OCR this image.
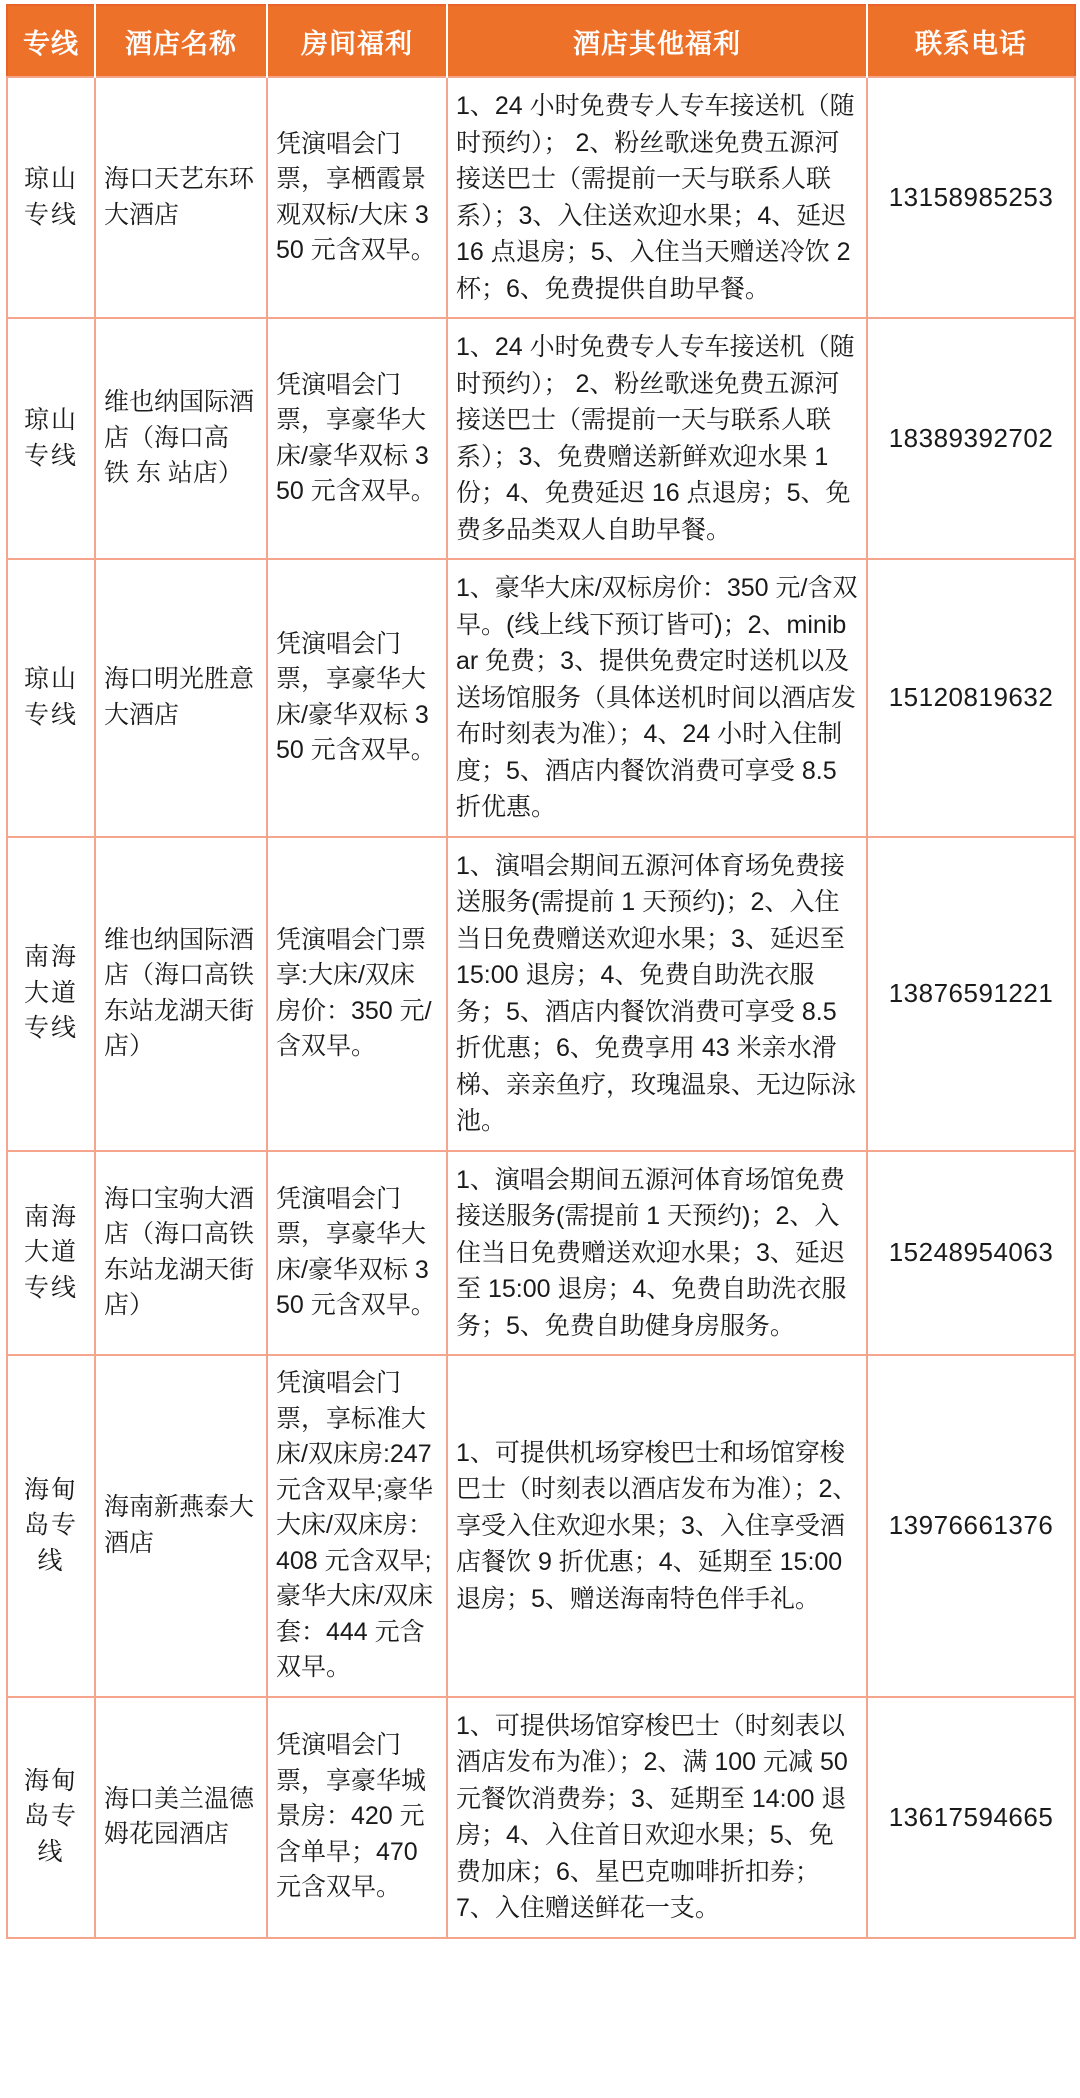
专线	酒店名称	房间福利	酒店其他福利	联系电话
琼山专线	海口天艺东环大酒店	凭演唱会门票，享栖霞景观双标/大床 350 元含双早。	1、24 小时免费专人专车接送机（随时预约）； 2、粉丝歌迷免费五源河接送巴士（需提前一天与联系人联系）；3、入住送欢迎水果；4、延迟 16 点退房；5、入住当天赠送冷饮 2 杯；6、免费提供自助早餐。	13158985253
琼山专线	维也纳国际酒店（海口高 铁 东 站店）	凭演唱会门票，享豪华大床/豪华双标 350 元含双早。	1、24 小时免费专人专车接送机（随时预约）； 2、粉丝歌迷免费五源河接送巴士（需提前一天与联系人联系）；3、免费赠送新鲜欢迎水果 1 份；4、免费延迟 16 点退房；5、免费多品类双人自助早餐。	18389392702
琼山专线	海口明光胜意大酒店	凭演唱会门票，享豪华大床/豪华双标 350 元含双早。	1、豪华大床/双标房价：350 元/含双早。(线上线下预订皆可)；2、minibar 免费；3、提供免费定时送机以及送场馆服务（具体送机时间以酒店发布时刻表为准）；4、24 小时入住制度；5、酒店内餐饮消费可享受 8.5 折优惠。	15120819632
南海大道专线	维也纳国际酒店（海口高铁东站龙湖天街店）	凭演唱会门票享:大床/双床房价：350 元/含双早。	1、演唱会期间五源河体育场免费接送服务(需提前 1 天预约)；2、入住当日免费赠送欢迎水果；3、延迟至 15:00 退房；4、免费自助洗衣服务；5、酒店内餐饮消费可享受 8.5 折优惠；6、免费享用 43 米亲水滑梯、亲亲鱼疗，玫瑰温泉、无边际泳池。	13876591221
南海大道专线	海口宝驹大酒店（海口高铁东站龙湖天街店）	凭演唱会门票，享豪华大床/豪华双标 350 元含双早。	1、演唱会期间五源河体育场馆免费接送服务(需提前 1 天预约)；2、入住当日免费赠送欢迎水果；3、延迟至 15:00 退房；4、免费自助洗衣服务；5、免费自助健身房服务。	15248954063
海甸岛专线	海南新燕泰大酒店	凭演唱会门票，享标准大床/双床房:247 元含双早;豪华大床/双床房： 408 元含双早;豪华大床/双床套：444 元含双早。	1、可提供机场穿梭巴士和场馆穿梭巴士（时刻表以酒店发布为准）；2、享受入住欢迎水果；3、入住享受酒店餐饮 9 折优惠；4、延期至 15:00 退房；5、赠送海南特色伴手礼。	13976661376
海甸岛专线	海口美兰温德姆花园酒店	凭演唱会门票，享豪华城景房：420 元含单早；470 元含双早。	1、可提供场馆穿梭巴士（时刻表以酒店发布为准）；2、满 100 元减 50 元餐饮消费券；3、延期至 14:00 退房；4、入住首日欢迎水果；5、免费加床；6、星巴克咖啡折扣券；7、入住赠送鲜花一支。	13617594665
